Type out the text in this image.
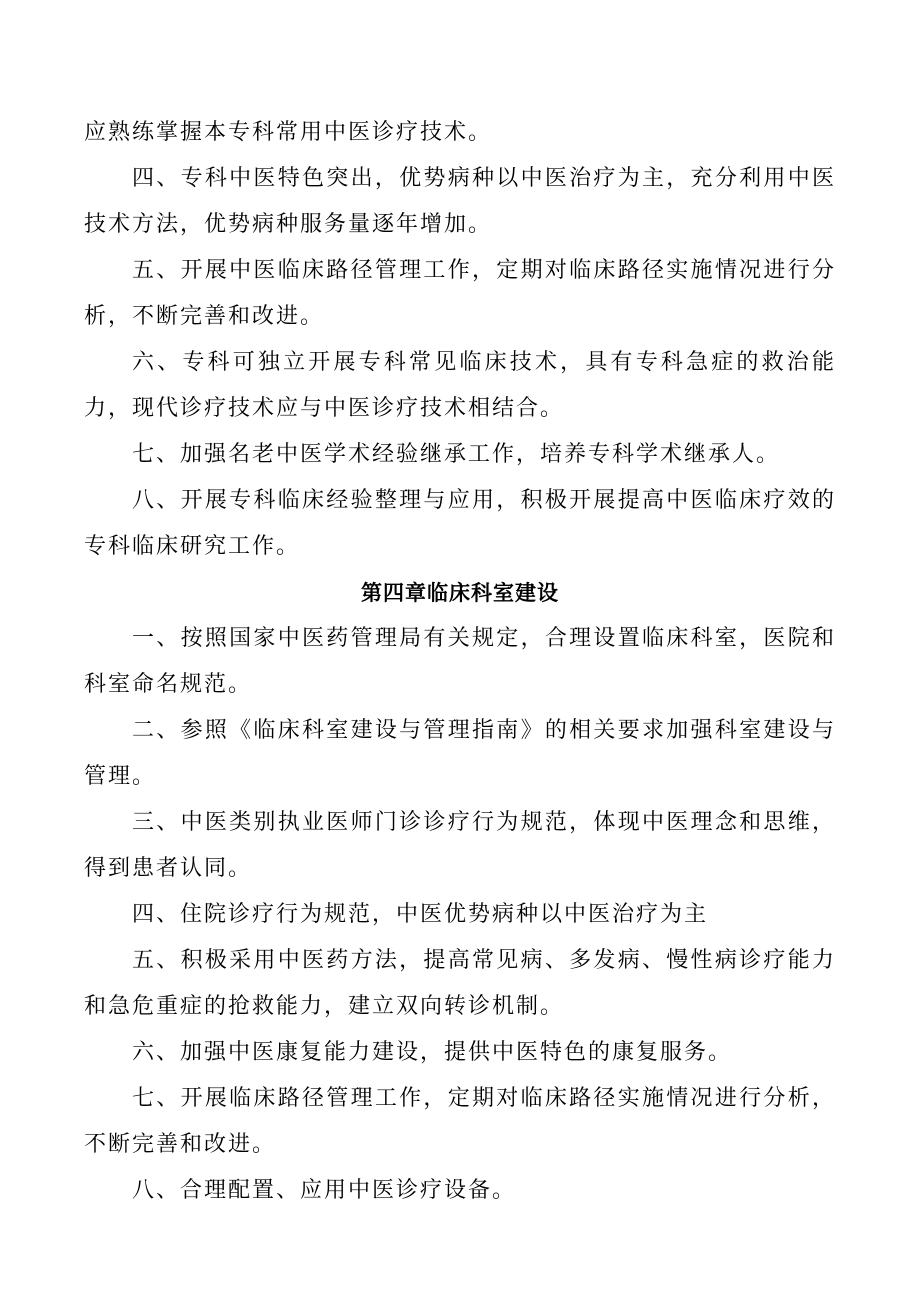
应熟练掌握本专科常用中医诊疗技术。

四、专科中医特色突出，优势病种以中医治疗为主，充分利用中医技术方法，优势病种服务量逐年增加。

五、开展中医临床路径管理工作，定期对临床路径实施情况进行分析，不断完善和改进。

六、专科可独立开展专科常见临床技术，具有专科急症的救治能力，现代诊疗技术应与中医诊疗技术相结合。

七、加强名老中医学术经验继承工作，培养专科学术继承人。

八、开展专科临床经验整理与应用，积极开展提高中医临床疗效的专科临床研究工作。

第四章临床科室建设

一、按照国家中医药管理局有关规定，合理设置临床科室，医院和科室命名规范。

二、参照《临床科室建设与管理指南》的相关要求加强科室建设与管理。

三、中医类别执业医师门诊诊疗行为规范，体现中医理念和思维，得到患者认同。

四、住院诊疗行为规范，中医优势病种以中医治疗为主

五、积极采用中医药方法，提高常见病、多发病、慢性病诊疗能力和急危重症的抢救能力，建立双向转诊机制。

六、加强中医康复能力建设，提供中医特色的康复服务。

七、开展临床路径管理工作，定期对临床路径实施情况进行分析，不断完善和改进。

八、合理配置、应用中医诊疗设备。
